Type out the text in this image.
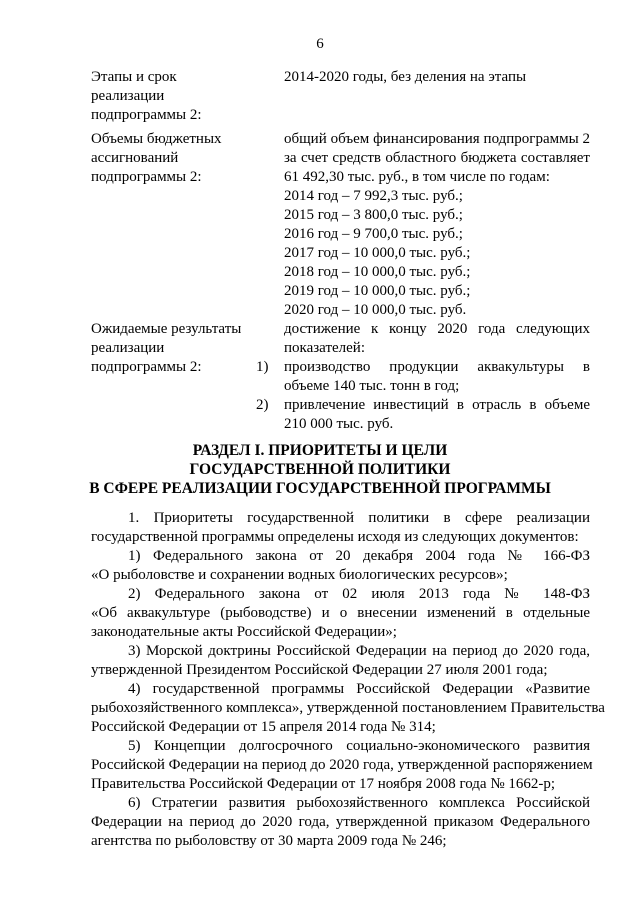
6
Этапы и срок
реализации
подпрограммы 2:
2014-2020 годы, без деления на этапы
Объемы бюджетных
ассигнований
подпрограммы 2:
общий объем финансирования подпрограммы 2
за счет средств областного бюджета составляет
61 492,30 тыс. руб., в том числе по годам:
2014 год – 7 992,3 тыс. руб.;
2015 год – 3 800,0 тыс. руб.;
2016 год – 9 700,0 тыс. руб.;
2017 год – 10 000,0 тыс. руб.;
2018 год – 10 000,0 тыс. руб.;
2019 год – 10 000,0 тыс. руб.;
2020 год – 10 000,0 тыс. руб.
Ожидаемые результаты
реализации
подпрограммы 2:
достижение к концу 2020 года следующих
показателей:
1) производство продукции аквакультуры в
объеме 140 тыс. тонн в год;
2) привлечение инвестиций в отрасль в объеме
210 000 тыс. руб.
РАЗДЕЛ I. ПРИОРИТЕТЫ И ЦЕЛИ
ГОСУДАРСТВЕННОЙ ПОЛИТИКИ
В СФЕРЕ РЕАЛИЗАЦИИ ГОСУДАРСТВЕННОЙ ПРОГРАММЫ
1. Приоритеты государственной политики в сфере реализации
государственной программы определены исходя из следующих документов:
1) Федерального закона от 20 декабря 2004 года № 166-ФЗ
«О рыболовстве и сохранении водных биологических ресурсов»;
2) Федерального закона от 02 июля 2013 года № 148-ФЗ
«Об аквакультуре (рыбоводстве) и о внесении изменений в отдельные
законодательные акты Российской Федерации»;
3) Морской доктрины Российской Федерации на период до 2020 года,
утвержденной Президентом Российской Федерации 27 июля 2001 года;
4) государственной программы Российской Федерации «Развитие
рыбохозяйственного комплекса», утвержденной постановлением Правительства
Российской Федерации от 15 апреля 2014 года № 314;
5) Концепции долгосрочного социально-экономического развития
Российской Федерации на период до 2020 года, утвержденной распоряжением
Правительства Российской Федерации от 17 ноября 2008 года № 1662-р;
6) Стратегии развития рыбохозяйственного комплекса Российской
Федерации на период до 2020 года, утвержденной приказом Федерального
агентства по рыболовству от 30 марта 2009 года № 246;
